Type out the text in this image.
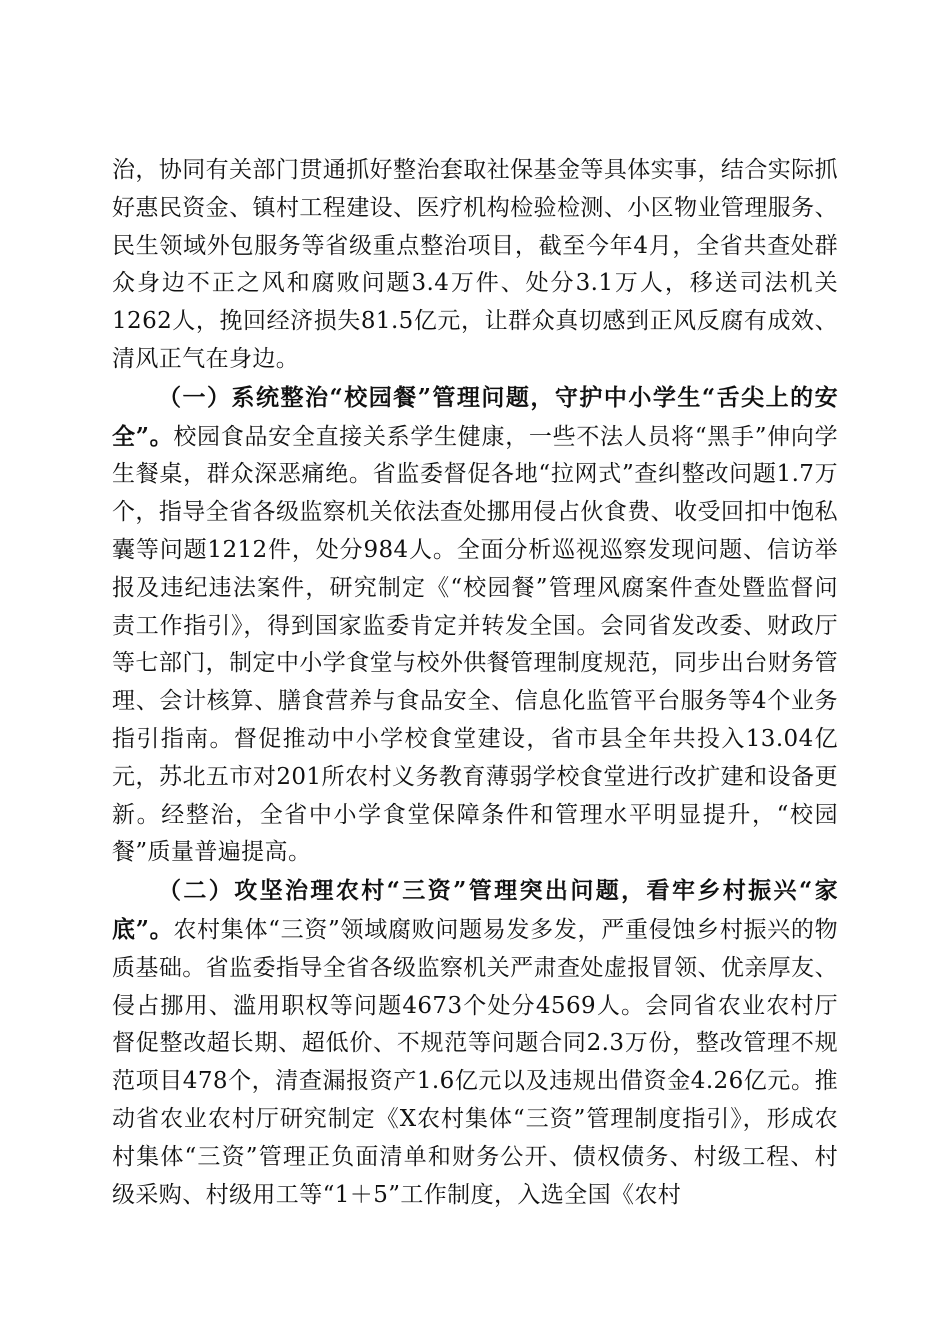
治，协同有关部门贯通抓好整治套取社保基金等具体实事，结合实际抓好惠民资金、镇村工程建设、医疗机构检验检测、小区物业管理服务、民生领域外包服务等省级重点整治项目，截至今年4月，全省共查处群众身边不正之风和腐败问题3.4万件、处分3.1万人，移送司法机关1262人，挽回经济损失81.5亿元，让群众真切感到正风反腐有成效、清风正气在身边。

（一）系统整治“校园餐”管理问题，守护中小学生“舌尖上的安全”。校园食品安全直接关系学生健康，一些不法人员将“黑手”伸向学生餐桌，群众深恶痛绝。省监委督促各地“拉网式”查纠整改问题1.7万个，指导全省各级监察机关依法查处挪用侵占伙食费、收受回扣中饱私囊等问题1212件，处分984人。全面分析巡视巡察发现问题、信访举报及违纪违法案件，研究制定《“校园餐”管理风腐案件查处暨监督问责工作指引》，得到国家监委肯定并转发全国。会同省发改委、财政厅等七部门，制定中小学食堂与校外供餐管理制度规范，同步出台财务管理、会计核算、膳食营养与食品安全、信息化监管平台服务等4个业务指引指南。督促推动中小学校食堂建设，省市县全年共投入13.04亿元，苏北五市对201所农村义务教育薄弱学校食堂进行改扩建和设备更新。经整治，全省中小学食堂保障条件和管理水平明显提升，“校园餐”质量普遍提高。

（二）攻坚治理农村“三资”管理突出问题，看牢乡村振兴“家底”。农村集体“三资”领域腐败问题易发多发，严重侵蚀乡村振兴的物质基础。省监委指导全省各级监察机关严肃查处虚报冒领、优亲厚友、侵占挪用、滥用职权等问题4673个处分4569人。会同省农业农村厅督促整改超长期、超低价、不规范等问题合同2.3万份，整改管理不规范项目478个，清查漏报资产1.6亿元以及违规出借资金4.26亿元。推动省农业农村厅研究制定《X农村集体“三资”管理制度指引》，形成农村集体“三资”管理正负面清单和财务公开、债权债务、村级工程、村级采购、村级用工等“1＋5”工作制度，入选全国《农村
